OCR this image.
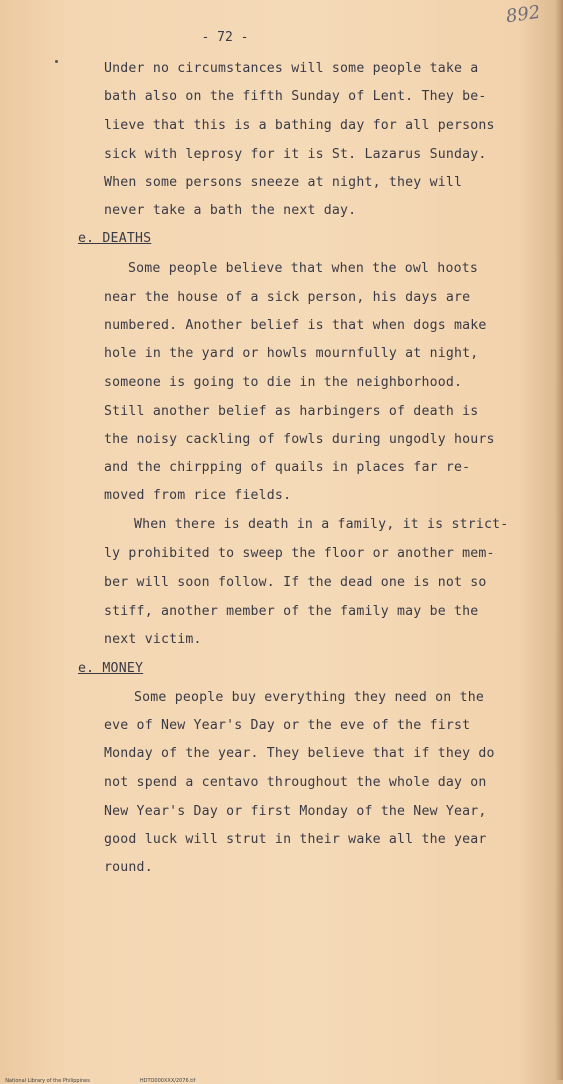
892
- 72 -
Under no circumstances will some people take a
bath also on the fifth Sunday of Lent. They be-
lieve that this is a bathing day for all persons
sick with leprosy for it is St. Lazarus Sunday.
When some persons sneeze at night, they will
never take a bath the next day.
e. DEATHS
Some people believe that when the owl hoots
near the house of a sick person, his days are
numbered. Another belief is that when dogs make
hole in the yard or howls mournfully at night,
someone is going to die in the neighborhood.
Still another belief as harbingers of death is
the noisy cackling of fowls during ungodly hours
and the chirpping of quails in places far re-
moved from rice fields.
When there is death in a family, it is strict-
ly prohibited to sweep the floor or another mem-
ber will soon follow. If the dead one is not so
stiff, another member of the family may be the
next victim.
e. MONEY
Some people buy everything they need on the
eve of New Year's Day or the eve of the first
Monday of the year. They believe that if they do
not spend a centavo throughout the whole day on
New Year's Day or first Monday of the New Year,
good luck will strut in their wake all the year
round.

National Library of the Philippines	HDTO000XXX/2076.tif
